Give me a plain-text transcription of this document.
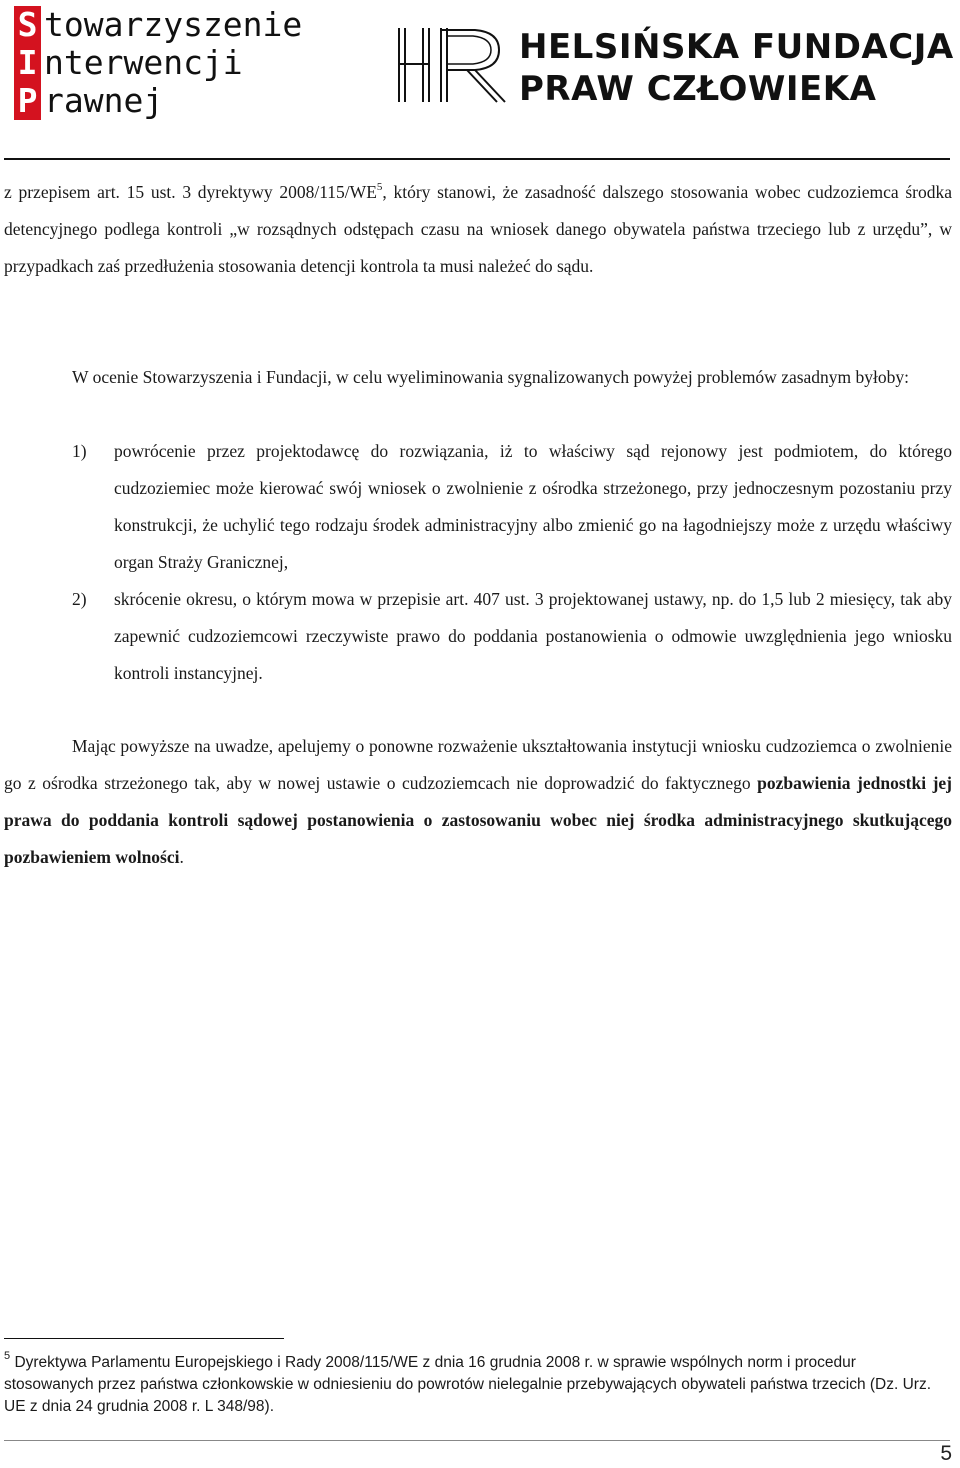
S towarzyszenie
I nterwencji
P rawnej
HELSIŃSKA FUNDACJA
PRAW CZŁOWIEKA
z przepisem art. 15 ust. 3 dyrektywy $2008/115/WE^5$, który stanowi, że zasadność dalszego stosowania wobec cudzoziemca środka detencyjnego podlega kontroli „w rozsądnych odstępach czasu na wniosek danego obywatela państwa trzeciego lub z urzędu”, w przypadkach zaś przedłużenia stosowania detencji kontrola ta musi należeć do sądu.
W ocenie Stowarzyszenia i Fundacji, w celu wyeliminowania sygnalizowanych powyżej problemów zasadnym byłoby:
1) powrócenie przez projektodawcę do rozwiązania, iż to właściwy sąd rejonowy jest podmiotem, do którego cudzoziemiec może kierować swój wniosek o zwolnienie z ośrodka strzeżonego, przy jednoczesnym pozostaniu przy konstrukcji, że uchylić tego rodzaju środek administracyjny albo zmienić go na łagodniejszy może z urzędu właściwy organ Straży Granicznej,
2) skrócenie okresu, o którym mowa w przepisie art. 407 ust. 3 projektowanej ustawy, np. do 1,5 lub 2 miesięcy, tak aby zapewnić cudzoziemcowi rzeczywiste prawo do poddania postanowienia o odmowie uwzględnienia jego wniosku kontroli instancyjnej.
Mając powyższe na uwadze, apelujemy o ponowne rozważenie ukształtowania instytucji wniosku cudzoziemca o zwolnienie go z ośrodka strzeżonego tak, aby w nowej ustawie o cudzoziemcach nie doprowadzić do faktycznego pozbawienia jednostki jej prawa do poddania kontroli sądowej postanowienia o zastosowaniu wobec niej środka administracyjnego skutkującego pozbawieniem wolności.
$^5$ Dyrektywa Parlamentu Europejskiego i Rady 2008/115/WE z dnia 16 grudnia 2008 r. w sprawie wspólnych norm i procedur stosowanych przez państwa członkowskie w odniesieniu do powrotów nielegalnie przebywających obywateli państwa trzecich (Dz. Urz. UE z dnia 24 grudnia 2008 r. L 348/98).
5
